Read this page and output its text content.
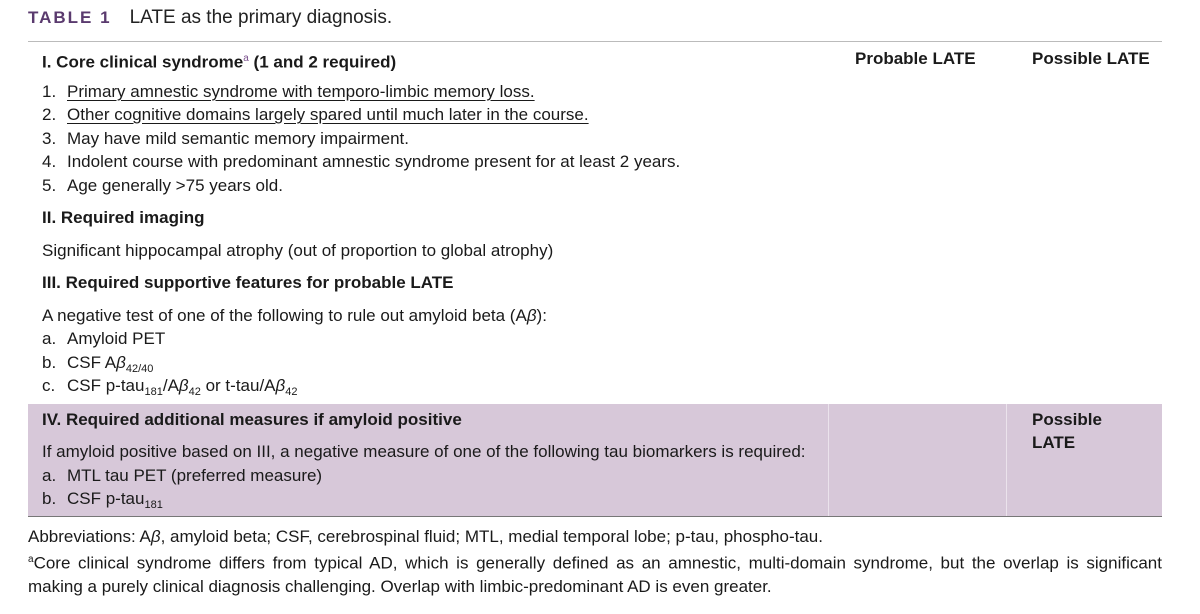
TABLE 1 LATE as the primary diagnosis.
I. Core clinical syndrome$^a$ (1 and 2 required)	Probable LATE	Possible LATE
1. Primary amnestic syndrome with temporo-limbic memory loss.
2. Other cognitive domains largely spared until much later in the course.
3. May have mild semantic memory impairment.
4. Indolent course with predominant amnestic syndrome present for at least 2 years.
5. Age generally >75 years old.
II. Required imaging
Significant hippocampal atrophy (out of proportion to global atrophy)
III. Required supportive features for probable LATE
A negative test of one of the following to rule out amyloid beta (Aβ):
a. Amyloid PET
b. CSF $A\beta_{42/40}$
c. CSF $p-tau_{181}/A\beta_{42}$ or $t-tau/A\beta_{42}$
IV. Required additional measures if amyloid positive
If amyloid positive based on III, a negative measure of one of the following tau biomarkers is required:
a. MTL tau PET (preferred measure)
b. CSF p-tau$_{181}$
Possible
LATE
Abbreviations: Aβ, amyloid beta; CSF, cerebrospinal fluid; MTL, medial temporal lobe; p-tau, phospho-tau.
$^a$Core clinical syndrome differs from typical AD, which is generally defined as an amnestic, multi-domain syndrome, but the overlap is significant making a purely clinical diagnosis challenging. Overlap with limbic-predominant AD is even greater.
